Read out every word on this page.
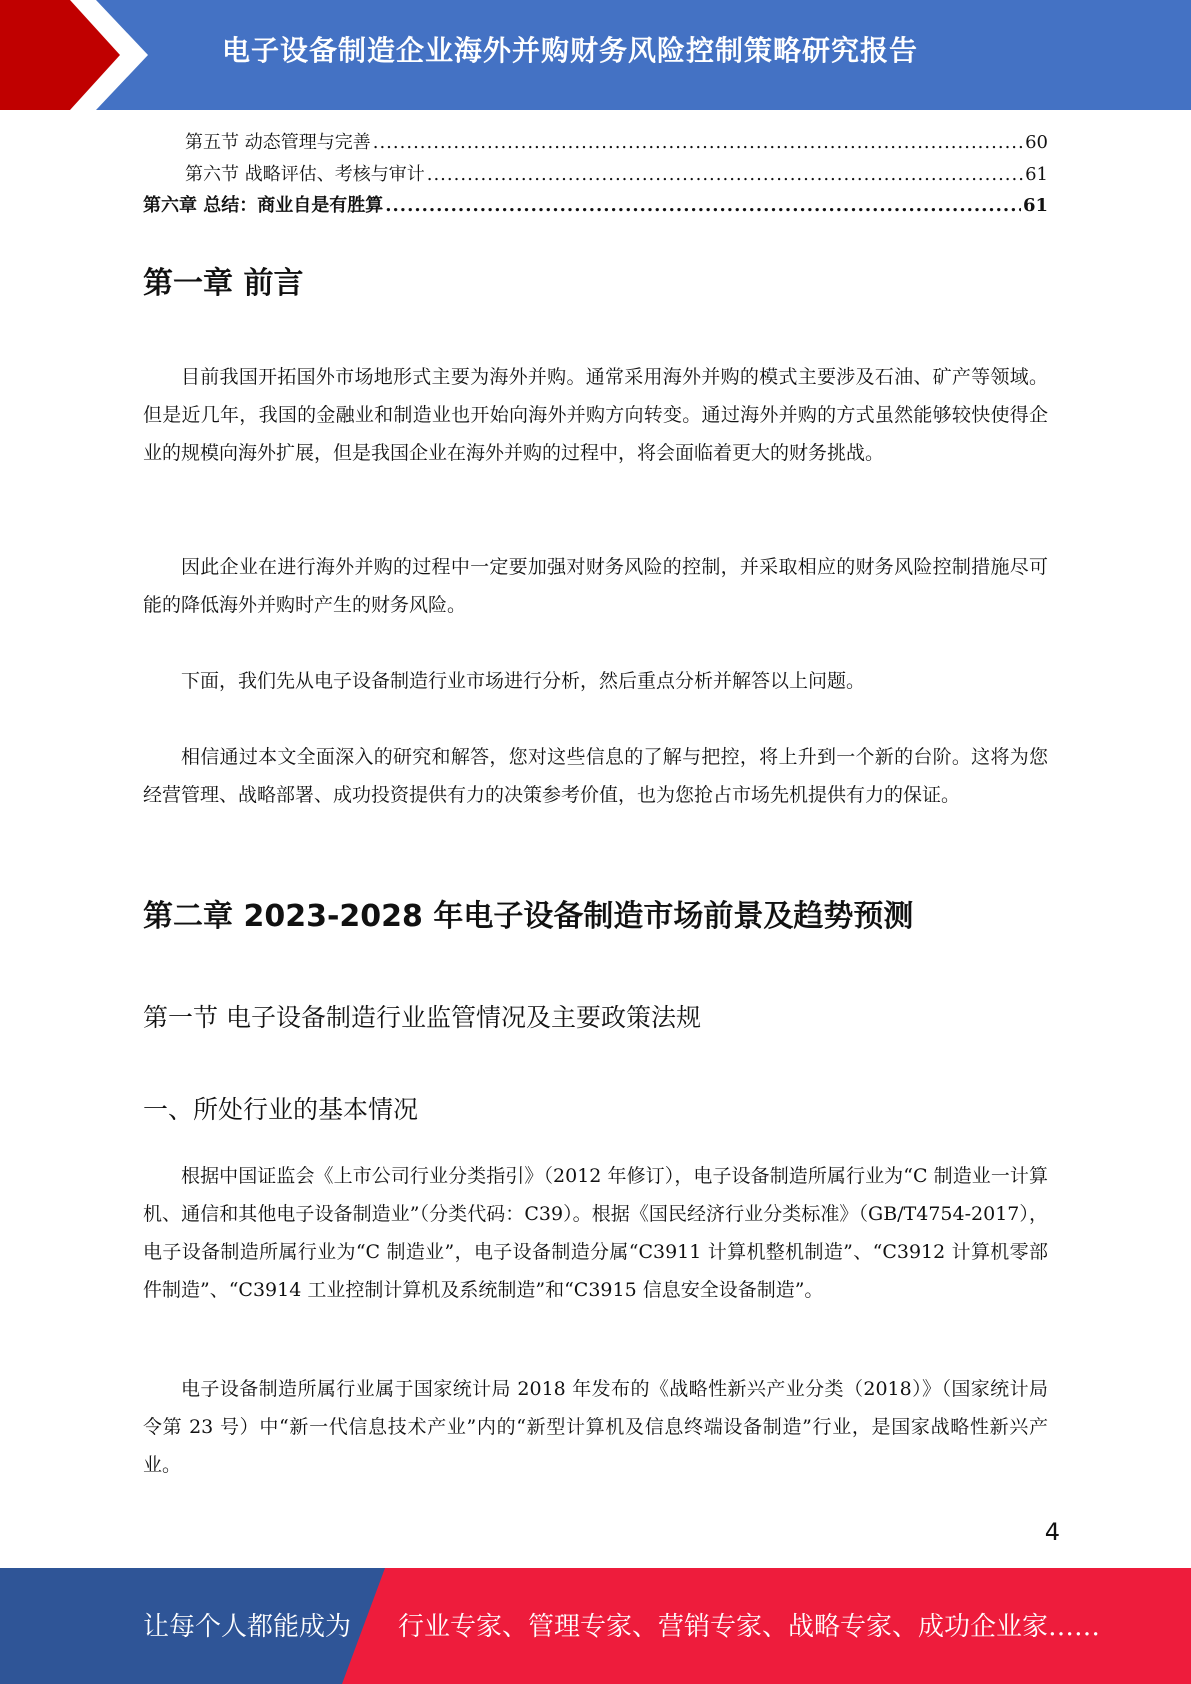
电子设备制造企业海外并购财务风险控制策略研究报告
第五节 动态管理与完善 .....	60
第六节 战略评估、考核与审计 .....	61
第六章 总结：商业自是有胜算 .....	61
第一章 前言

目前我国开拓国外市场地形式主要为海外并购。通常采用海外并购的模式主要涉及石油、矿产等领域。但是近几年，我国的金融业和制造业也开始向海外并购方向转变。通过海外并购的方式虽然能够较快使得企业的规模向海外扩展，但是我国企业在海外并购的过程中，将会面临着更大的财务挑战。

因此企业在进行海外并购的过程中一定要加强对财务风险的控制，并采取相应的财务风险控制措施尽可能的降低海外并购时产生的财务风险。

下面，我们先从电子设备制造行业市场进行分析，然后重点分析并解答以上问题。

相信通过本文全面深入的研究和解答，您对这些信息的了解与把控，将上升到一个新的台阶。这将为您经营管理、战略部署、成功投资提供有力的决策参考价值，也为您抢占市场先机提供有力的保证。

第二章 2023-2028 年电子设备制造市场前景及趋势预测
第一节 电子设备制造行业监管情况及主要政策法规
一、所处行业的基本情况

根据中国证监会《上市公司行业分类指引》（2012 年修订），电子设备制造所属行业为“C 制造业一计算机、通信和其他电子设备制造业”（分类代码：C39）。根据《国民经济行业分类标准》（GB/T4754-2017），电子设备制造所属行业为“C 制造业”，电子设备制造分属“C3911 计算机整机制造”、“C3912 计算机零部件制造”、“C3914 工业控制计算机及系统制造”和“C3915 信息安全设备制造”。

电子设备制造所属行业属于国家统计局 2018 年发布的《战略性新兴产业分类（2018）》（国家统计局令第 23 号）中“新一代信息技术产业”内的“新型计算机及信息终端设备制造”行业，是国家战略性新兴产业。

4
让每个人都能成为 行业专家、管理专家、营销专家、战略专家、成功企业家……
